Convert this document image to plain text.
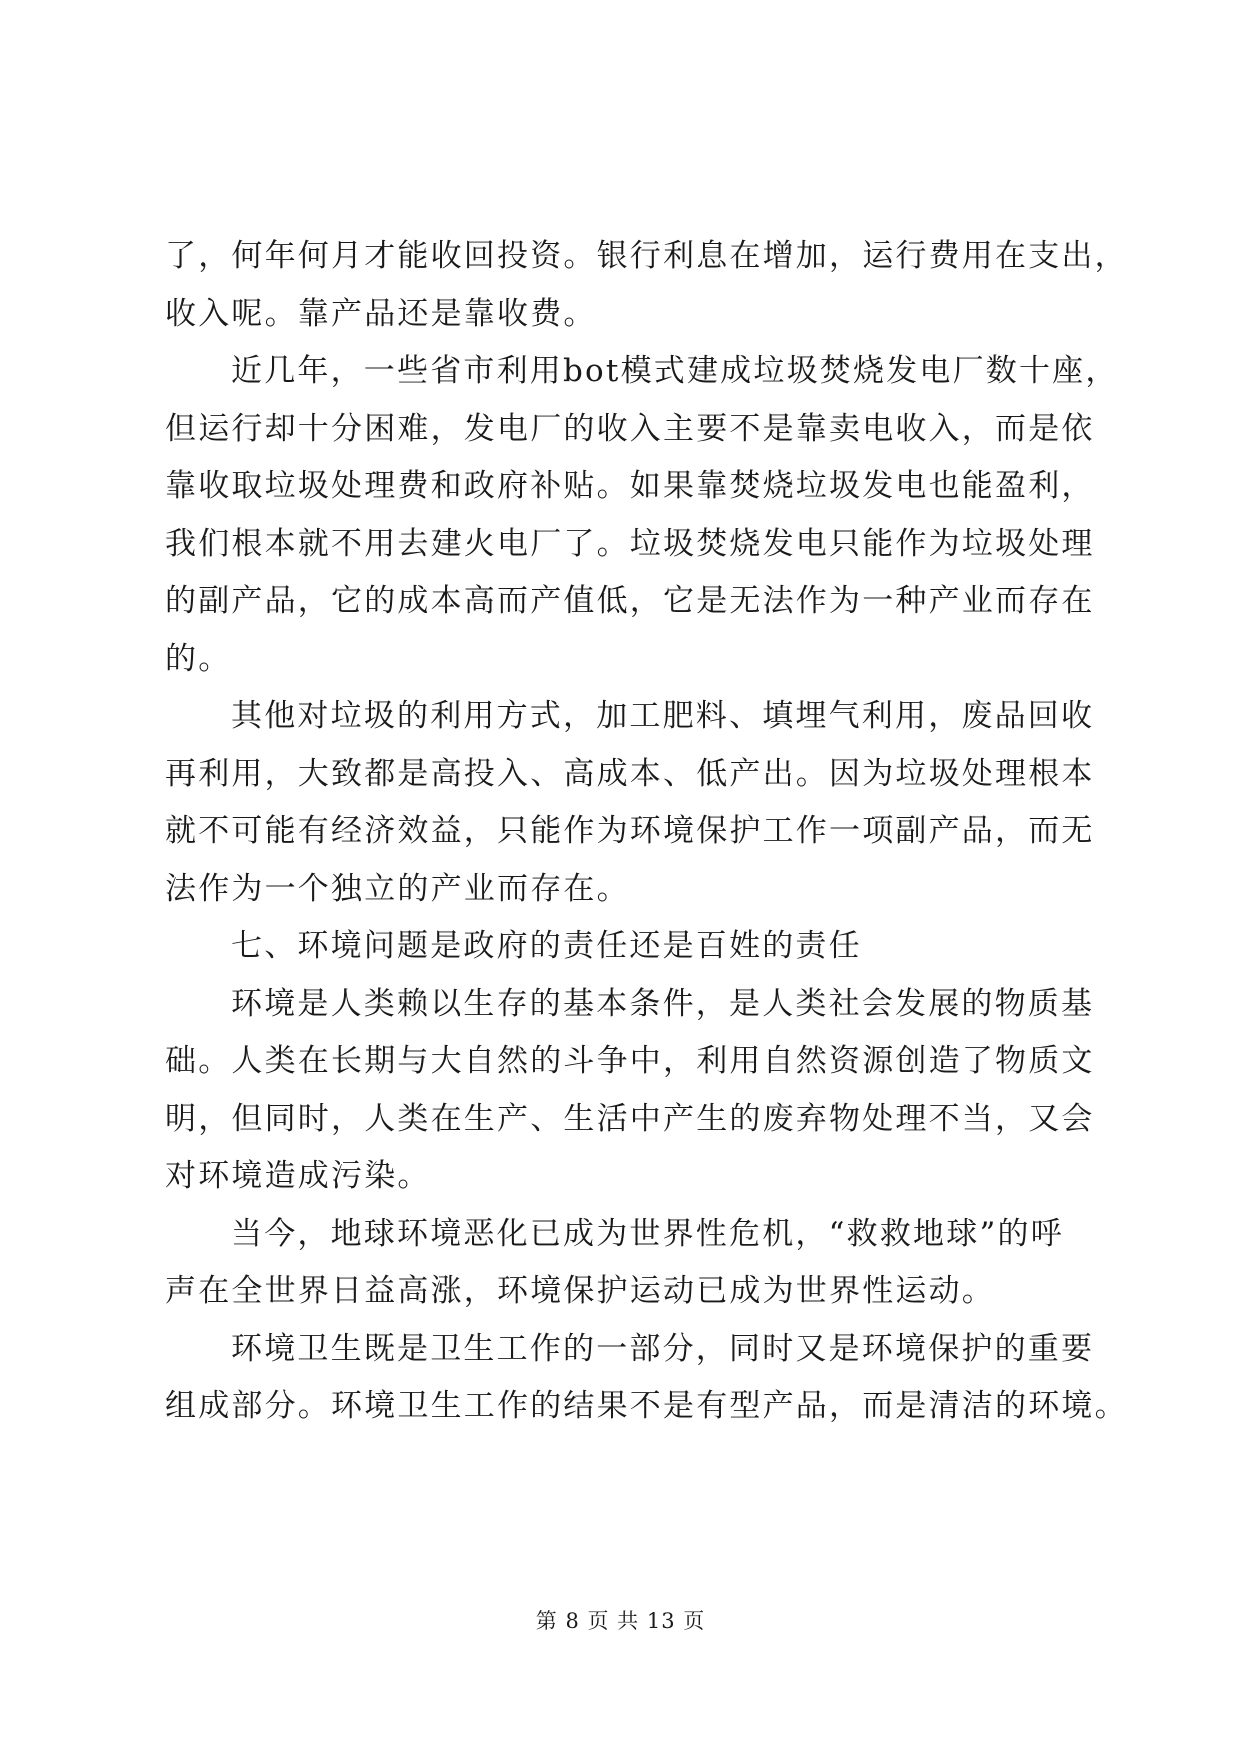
了，何年何月才能收回投资。银行利息在增加，运行费用在支出，
收入呢。靠产品还是靠收费。
近几年，一些省市利用bot模式建成垃圾焚烧发电厂数十座，
但运行却十分困难，发电厂的收入主要不是靠卖电收入，而是依
靠收取垃圾处理费和政府补贴。如果靠焚烧垃圾发电也能盈利，
我们根本就不用去建火电厂了。垃圾焚烧发电只能作为垃圾处理
的副产品，它的成本高而产值低，它是无法作为一种产业而存在
的。
其他对垃圾的利用方式，加工肥料、填埋气利用，废品回收
再利用，大致都是高投入、高成本、低产出。因为垃圾处理根本
就不可能有经济效益，只能作为环境保护工作一项副产品，而无
法作为一个独立的产业而存在。
七、环境问题是政府的责任还是百姓的责任
环境是人类赖以生存的基本条件，是人类社会发展的物质基
础。人类在长期与大自然的斗争中，利用自然资源创造了物质文
明，但同时，人类在生产、生活中产生的废弃物处理不当，又会
对环境造成污染。
当今，地球环境恶化已成为世界性危机，“救救地球”的呼
声在全世界日益高涨，环境保护运动已成为世界性运动。
环境卫生既是卫生工作的一部分，同时又是环境保护的重要
组成部分。环境卫生工作的结果不是有型产品，而是清洁的环境。
第 8 页 共 13 页
